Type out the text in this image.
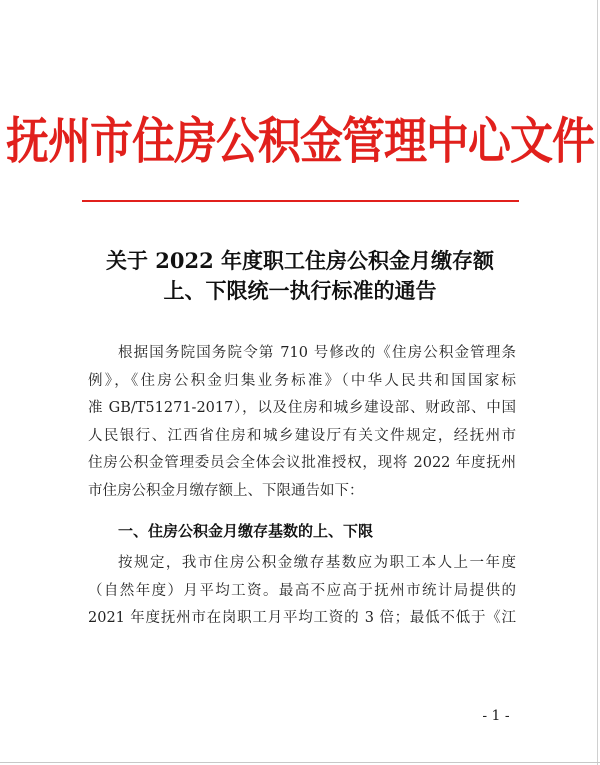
抚州市住房公积金管理中心文件
关于 2022 年度职工住房公积金月缴存额
上、下限统一执行标准的通告
根据国务院国务院令第 710 号修改的《住房公积金管理条
例》，《住房公积金归集业务标准》（中华人民共和国国家标
准 GB/T51271-2017），以及住房和城乡建设部、财政部、中国
人民银行、江西省住房和城乡建设厅有关文件规定，经抚州市
住房公积金管理委员会全体会议批准授权，现将 2022 年度抚州
市住房公积金月缴存额上、下限通告如下：
一、住房公积金月缴存基数的上、下限
按规定，我市住房公积金缴存基数应为职工本人上一年度
（自然年度）月平均工资。最高不应高于抚州市统计局提供的
2021 年度抚州市在岗职工月平均工资的 3 倍；最低不低于《江
- 1 -
